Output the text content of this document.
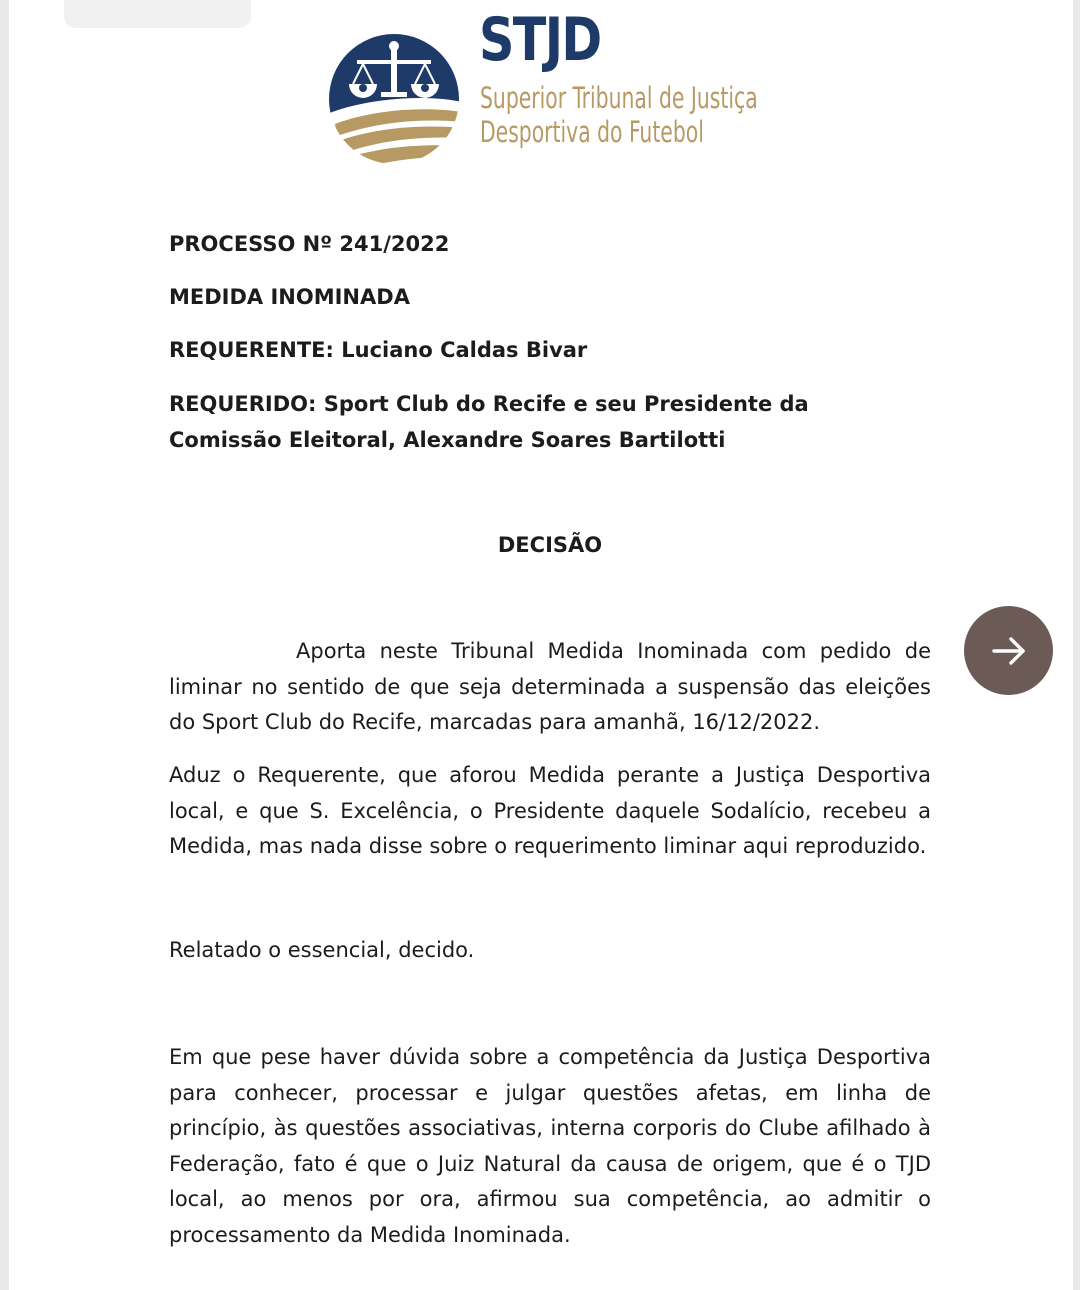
STJD
Superior Tribunal de Justiça
Desportiva do Futebol

PROCESSO Nº 241/2022

MEDIDA INOMINADA

REQUERENTE: Luciano Caldas Bivar

REQUERIDO: Sport Club do Recife e seu Presidente da Comissão Eleitoral, Alexandre Soares Bartilotti

DECISÃO

Aporta neste Tribunal Medida Inominada com pedido de liminar no sentido de que seja determinada a suspensão das eleições do Sport Club do Recife, marcadas para amanhã, 16/12/2022.

Aduz o Requerente, que aforou Medida perante a Justiça Desportiva local, e que S. Excelência, o Presidente daquele Sodalício, recebeu a Medida, mas nada disse sobre o requerimento liminar aqui reproduzido.

Relatado o essencial, decido.

Em que pese haver dúvida sobre a competência da Justiça Desportiva para conhecer, processar e julgar questões afetas, em linha de princípio, às questões associativas, interna corporis do Clube afilhado à Federação, fato é que o Juiz Natural da causa de origem, que é o TJD local, ao menos por ora, afirmou sua competência, ao admitir o processamento da Medida Inominada.
